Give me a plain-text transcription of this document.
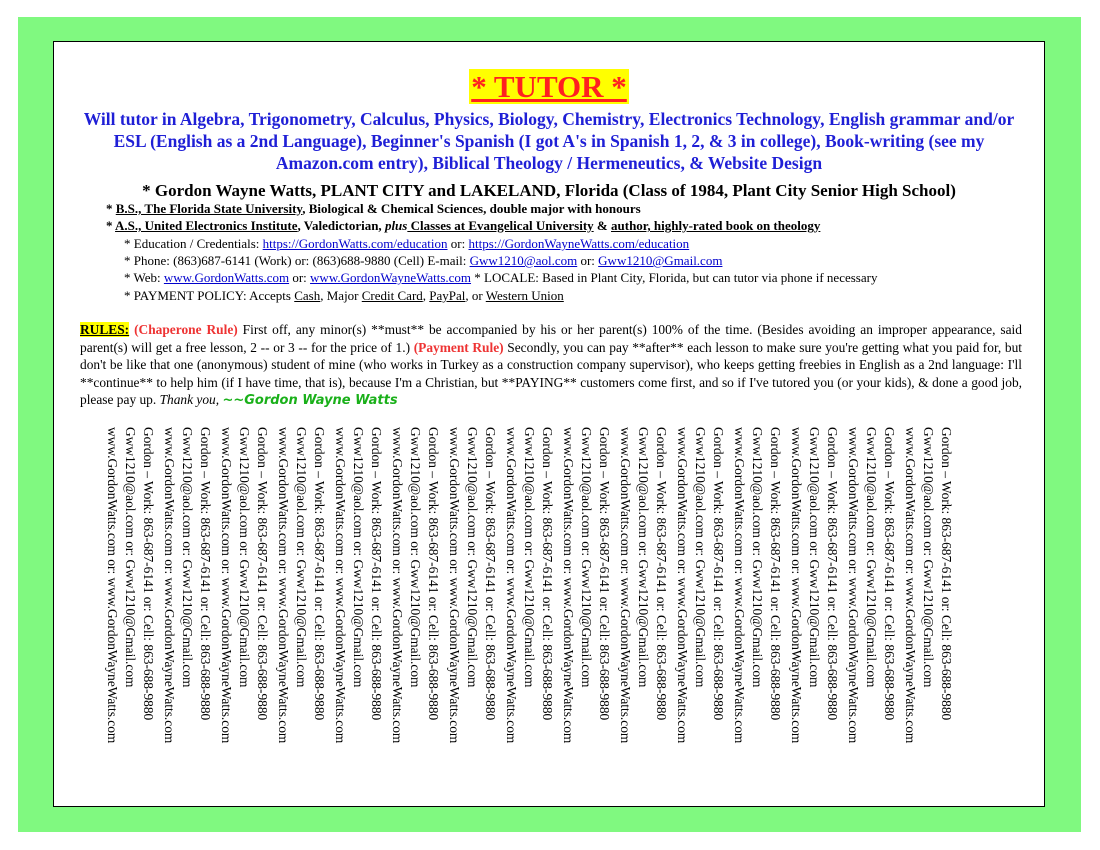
* TUTOR *
Will tutor in Algebra, Trigonometry, Calculus, Physics, Biology, Chemistry, Electronics Technology, English grammar and/or ESL (English as a 2nd Language), Beginner's Spanish (I got A's in Spanish 1, 2, & 3 in college), Book-writing (see my Amazon.com entry), Biblical Theology / Hermeneutics, & Website Design
* Gordon Wayne Watts, PLANT CITY and LAKELAND, Florida (Class of 1984, Plant City Senior High School)
* B.S., The Florida State University, Biological & Chemical Sciences, double major with honours
* A.S., United Electronics Institute, Valedictorian, plus Classes at Evangelical University & author, highly-rated book on theology
* Education / Credentials: https://GordonWatts.com/education or: https://GordonWayneWatts.com/education
* Phone: (863)687-6141 (Work) or: (863)688-9880 (Cell) E-mail: Gww1210@aol.com or: Gww1210@Gmail.com
* Web: www.GordonWatts.com or: www.GordonWayneWatts.com * LOCALE: Based in Plant City, Florida, but can tutor via phone if necessary
* PAYMENT POLICY: Accepts Cash, Major Credit Card, PayPal, or Western Union
RULES: (Chaperone Rule) First off, any minor(s) **must** be accompanied by his or her parent(s) 100% of the time. (Besides avoiding an improper appearance, said parent(s) will get a free lesson, 2 -- or 3 -- for the price of 1.) (Payment Rule) Secondly, you can pay **after** each lesson to make sure you're getting what you paid for, but don't be like that one (anonymous) student of mine (who works in Turkey as a construction company supervisor), who keeps getting freebies in English as a 2nd language: I'll **continue** to help him (if I have time, that is), because I'm a Christian, but **PAYING** customers come first, and so if I've tutored you (or your kids), & done a good job, please pay up. Thank you, ~~Gordon Wayne Watts
www.GordonWatts.com or: www.GordonWayneWatts.com Gww1210@aol.com or: Gww1210@Gmail.com Gordon – Work: 863-687-6141 or: Cell: 863-688-9880 www.GordonWatts.com or: www.GordonWayneWatts.com Gww1210@aol.com or: Gww1210@Gmail.com Gordon – Work: 863-687-6141 or: Cell: 863-688-9880 www.GordonWatts.com or: www.GordonWayneWatts.com Gww1210@aol.com or: Gww1210@Gmail.com Gordon – Work: 863-687-6141 or: Cell: 863-688-9880 www.GordonWatts.com or: www.GordonWayneWatts.com Gww1210@aol.com or: Gww1210@Gmail.com Gordon – Work: 863-687-6141 or: Cell: 863-688-9880 www.GordonWatts.com or: www.GordonWayneWatts.com Gww1210@aol.com or: Gww1210@Gmail.com Gordon – Work: 863-687-6141 or: Cell: 863-688-9880 www.GordonWatts.com or: www.GordonWayneWatts.com Gww1210@aol.com or: Gww1210@Gmail.com Gordon – Work: 863-687-6141 or: Cell: 863-688-9880 www.GordonWatts.com or: www.GordonWayneWatts.com Gww1210@aol.com or: Gww1210@Gmail.com Gordon – Work: 863-687-6141 or: Cell: 863-688-9880 www.GordonWatts.com or: www.GordonWayneWatts.com Gww1210@aol.com or: Gww1210@Gmail.com Gordon – Work: 863-687-6141 or: Cell: 863-688-9880 www.GordonWatts.com or: www.GordonWayneWatts.com Gww1210@aol.com or: Gww1210@Gmail.com Gordon – Work: 863-687-6141 or: Cell: 863-688-9880 www.GordonWatts.com or: www.GordonWayneWatts.com Gww1210@aol.com or: Gww1210@Gmail.com Gordon – Work: 863-687-6141 or: Cell: 863-688-9880 www.GordonWatts.com or: www.GordonWayneWatts.com Gww1210@aol.com or: Gww1210@Gmail.com Gordon – Work: 863-687-6141 or: Cell: 863-688-9880 www.GordonWatts.com or: www.GordonWayneWatts.com Gww1210@aol.com or: Gww1210@Gmail.com Gordon – Work: 863-687-6141 or: Cell: 863-688-9880 www.GordonWatts.com or: www.GordonWayneWatts.com Gww1210@aol.com or: Gww1210@Gmail.com Gordon – Work: 863-687-6141 or: Cell: 863-688-9880 www.GordonWatts.com or: www.GordonWayneWatts.com Gww1210@aol.com or: Gww1210@Gmail.com Gordon – Work: 863-687-6141 or: Cell: 863-688-9880 www.GordonWatts.com or: www.GordonWayneWatts.com Gww1210@aol.com or: Gww1210@Gmail.com Gordon – Work: 863-687-6141 or: Cell: 863-688-9880
